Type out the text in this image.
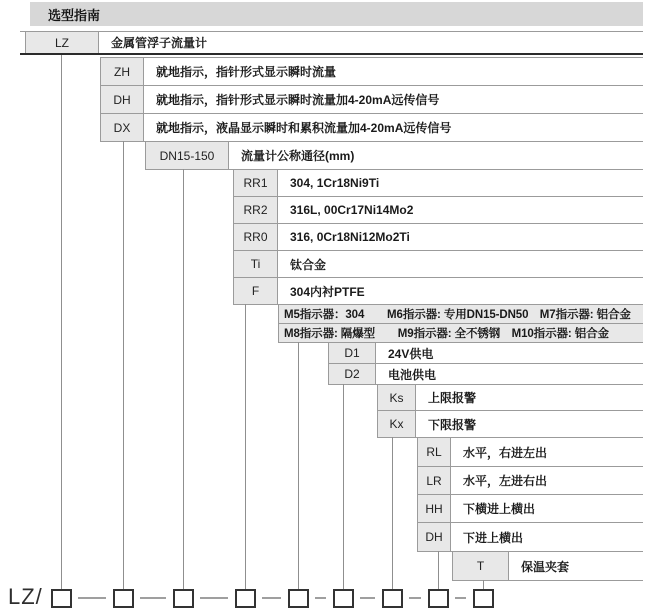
选型指南
LZ/
LZ	金属管浮子流量计
ZH	就地指示，指针形式显示瞬时流量
DH	就地指示，指针形式显示瞬时流量加4-20mA远传信号
DX	就地指示，液晶显示瞬时和累积流量加4-20mA远传信号
DN15-150	流量计公称通径(mm)
RR1	304, 1Cr18Ni9Ti
RR2	316L, 00Cr17Ni14Mo2
RR0	316, 0Cr18Ni12Mo2Ti
Ti	钛合金
F	304内衬PTFE
M5指示器：304　　M6指示器: 专用DN15-DN50　M7指示器: 铝合金
M8指示器: 隔爆型　　M9指示器: 全不锈钢　M10指示器: 铝合金
D1	24V供电
D2	电池供电
Ks	上限报警
Kx	下限报警
RL	水平，右进左出
LR	水平，左进右出
HH	下横进上横出
DH	下进上横出
T	保温夹套
